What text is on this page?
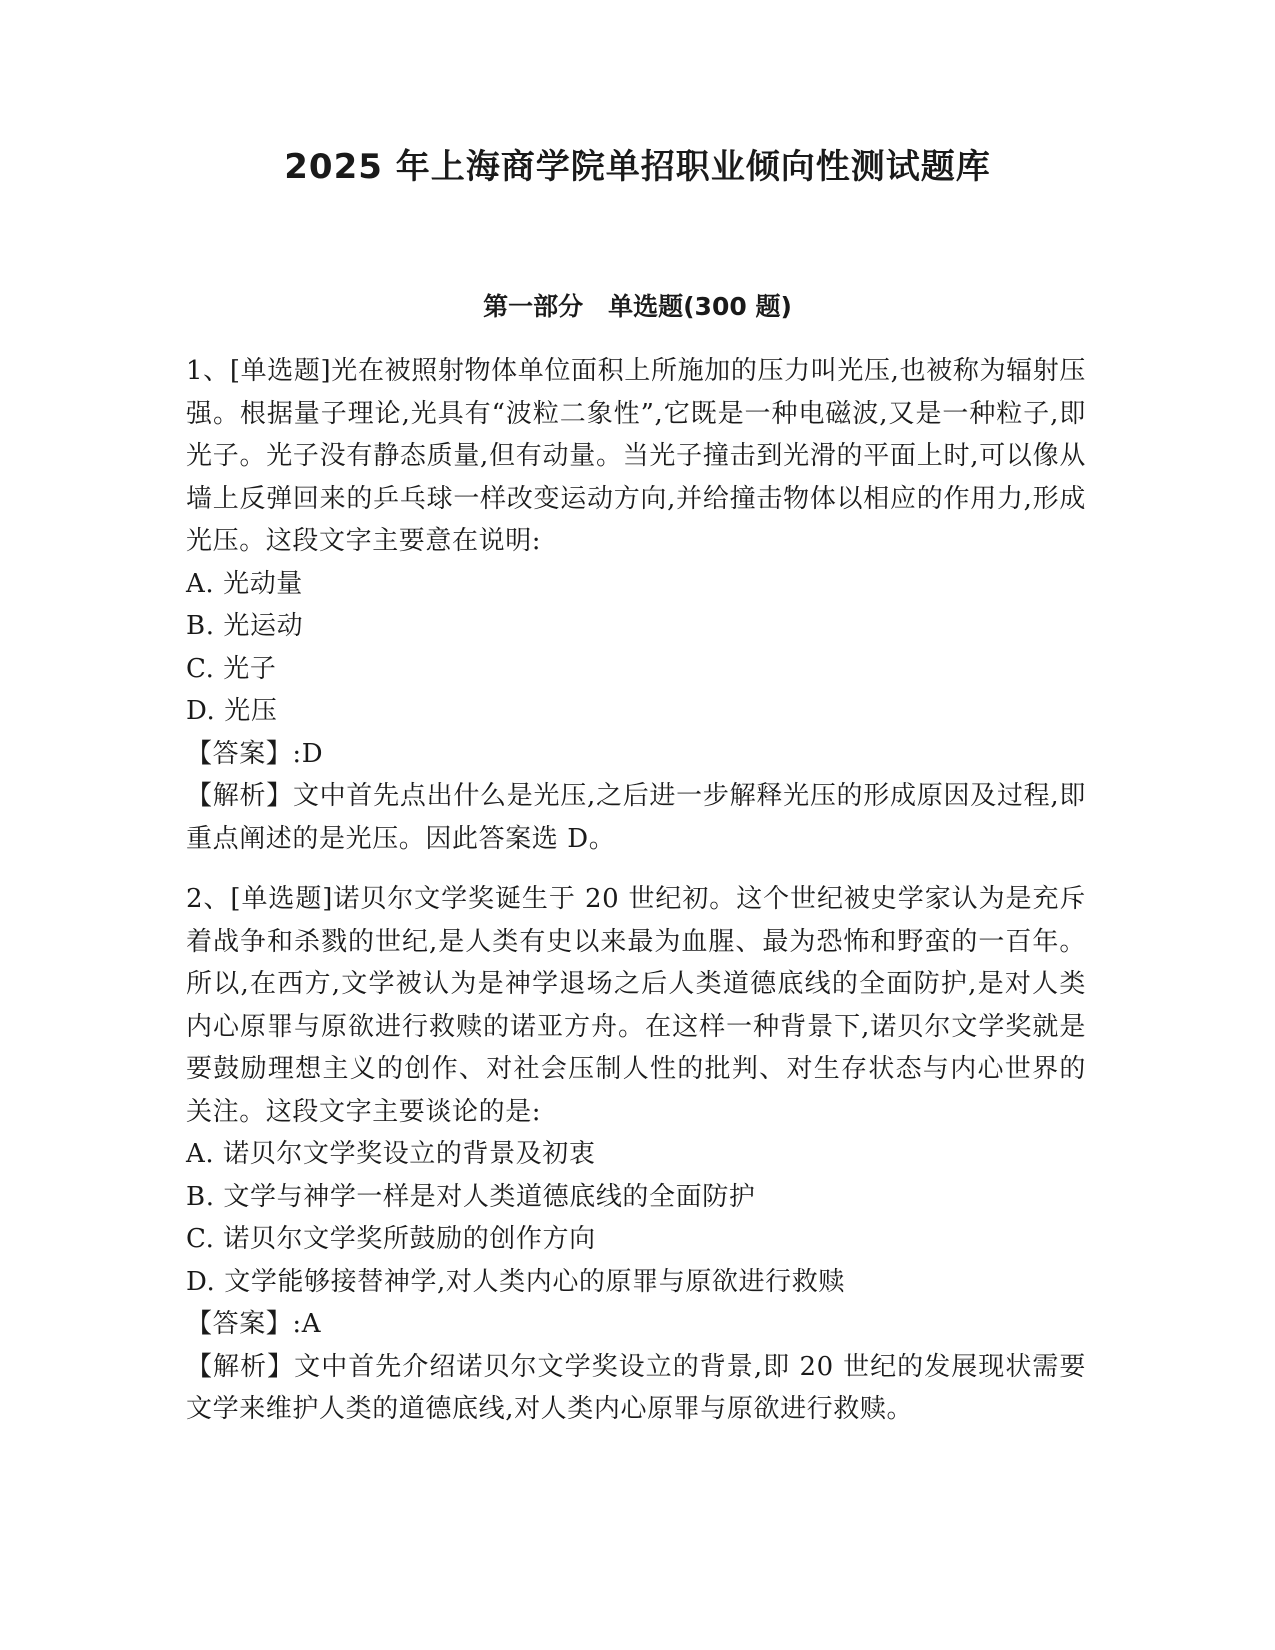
2025 年上海商学院单招职业倾向性测试题库
第一部分　单选题(300 题)

1、[单选题]光在被照射物体单位面积上所施加的压力叫光压,也被称为辐射压强。根据量子理论,光具有“波粒二象性”,它既是一种电磁波,又是一种粒子,即光子。光子没有静态质量,但有动量。当光子撞击到光滑的平面上时,可以像从墙上反弹回来的乒乓球一样改变运动方向,并给撞击物体以相应的作用力,形成光压。这段文字主要意在说明:

A. 光动量
B. 光运动
C. 光子
D. 光压

【答案】:D

【解析】文中首先点出什么是光压,之后进一步解释光压的形成原因及过程,即重点阐述的是光压。因此答案选 D。

2、[单选题]诺贝尔文学奖诞生于 20 世纪初。这个世纪被史学家认为是充斥着战争和杀戮的世纪,是人类有史以来最为血腥、最为恐怖和野蛮的一百年。所以,在西方,文学被认为是神学退场之后人类道德底线的全面防护,是对人类内心原罪与原欲进行救赎的诺亚方舟。在这样一种背景下,诺贝尔文学奖就是要鼓励理想主义的创作、对社会压制人性的批判、对生存状态与内心世界的关注。这段文字主要谈论的是:

A. 诺贝尔文学奖设立的背景及初衷
B. 文学与神学一样是对人类道德底线的全面防护
C. 诺贝尔文学奖所鼓励的创作方向
D. 文学能够接替神学,对人类内心的原罪与原欲进行救赎

【答案】:A

【解析】文中首先介绍诺贝尔文学奖设立的背景,即 20 世纪的发展现状需要文学来维护人类的道德底线,对人类内心原罪与原欲进行救赎。
